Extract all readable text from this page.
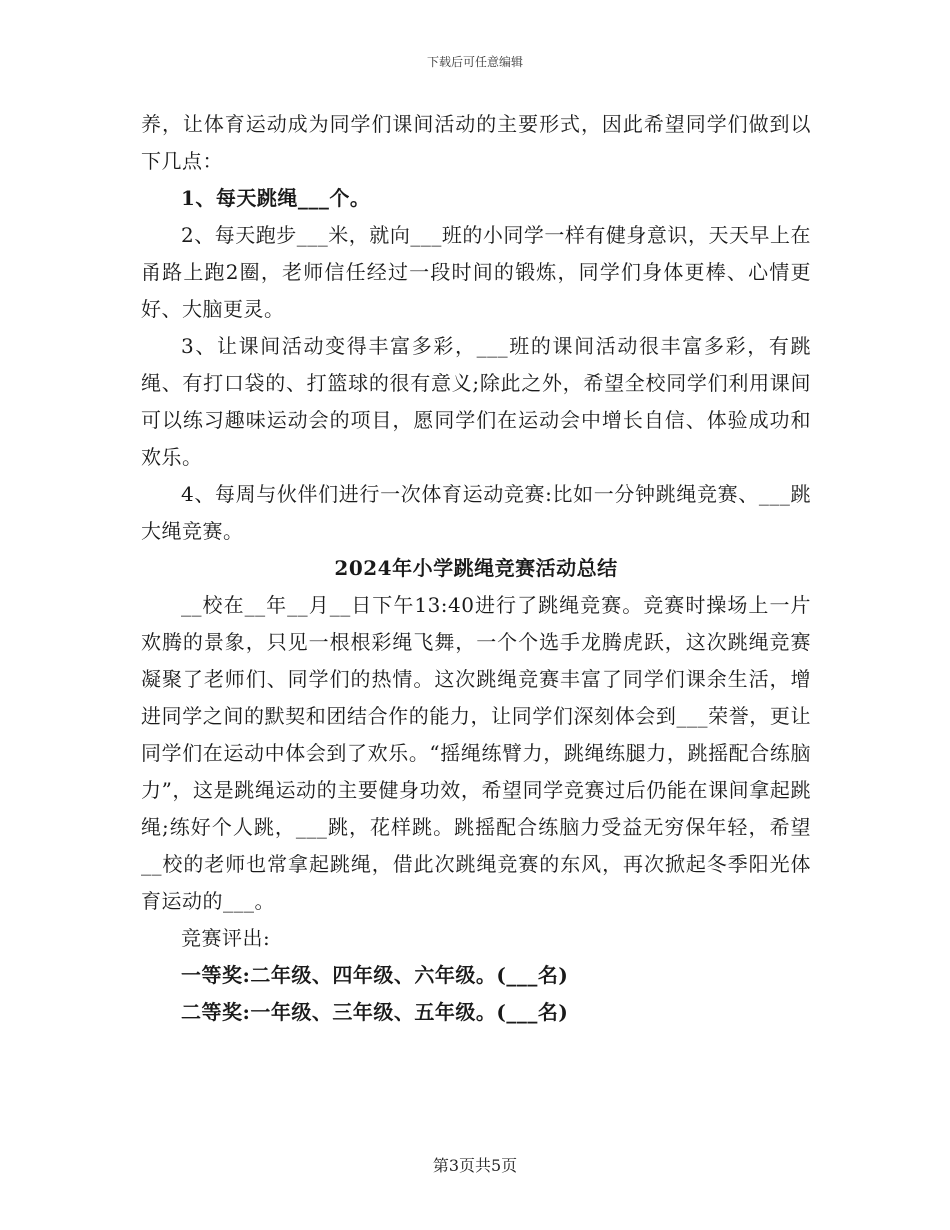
下载后可任意编辑

养，让体育运动成为同学们课间活动的主要形式，因此希望同学们做到以下几点：

1、每天跳绳___个。

2、每天跑步___米，就向___班的小同学一样有健身意识，天天早上在甬路上跑2圈，老师信任经过一段时间的锻炼，同学们身体更棒、心情更好、大脑更灵。

3、让课间活动变得丰富多彩，___班的课间活动很丰富多彩，有跳绳、有打口袋的、打篮球的很有意义;除此之外，希望全校同学们利用课间可以练习趣味运动会的项目，愿同学们在运动会中增长自信、体验成功和欢乐。

4、每周与伙伴们进行一次体育运动竞赛:比如一分钟跳绳竞赛、___跳大绳竞赛。

2024年小学跳绳竞赛活动总结

__校在__年__月__日下午13:40进行了跳绳竞赛。竞赛时操场上一片欢腾的景象，只见一根根彩绳飞舞，一个个选手龙腾虎跃，这次跳绳竞赛凝聚了老师们、同学们的热情。这次跳绳竞赛丰富了同学们课余生活，增进同学之间的默契和团结合作的能力，让同学们深刻体会到___荣誉，更让同学们在运动中体会到了欢乐。“摇绳练臂力，跳绳练腿力，跳摇配合练脑力”，这是跳绳运动的主要健身功效，希望同学竞赛过后仍能在课间拿起跳绳;练好个人跳，___跳，花样跳。跳摇配合练脑力受益无穷保年轻，希望__校的老师也常拿起跳绳，借此次跳绳竞赛的东风，再次掀起冬季阳光体育运动的___。

竞赛评出:

一等奖:二年级、四年级、六年级。(___名)

二等奖:一年级、三年级、五年级。(___名)

第3页共5页
